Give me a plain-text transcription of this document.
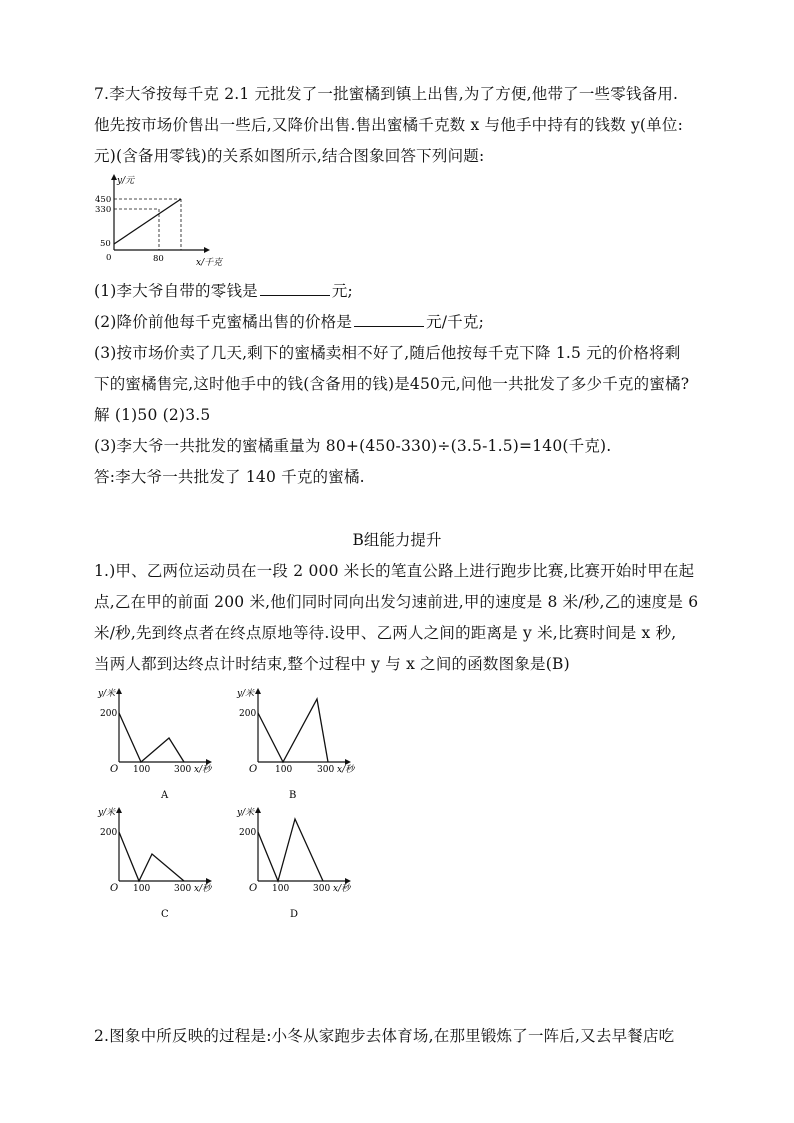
7.李大爷按每千克 2.1 元批发了一批蜜橘到镇上出售,为了方便,他带了一些零钱备用.
他先按市场价售出一些后,又降价出售.售出蜜橘千克数 x 与他手中持有的钱数 y(单位:
元)(含备用零钱)的关系如图所示,结合图象回答下列问题:
y/元
450
330
50
0	80	x/千克
(1)李大爷自带的零钱是	元;
(2)降价前他每千克蜜橘出售的价格是	元/千克;
(3)按市场价卖了几天,剩下的蜜橘卖相不好了,随后他按每千克下降 1.5 元的价格将剩
下的蜜橘售完,这时他手中的钱(含备用的钱)是450元,问他一共批发了多少千克的蜜橘?
解 (1)50 (2)3.5
(3)李大爷一共批发的蜜橘重量为 80+(450-330)÷(3.5-1.5)=140(千克).
答:李大爷一共批发了 140 千克的蜜橘.
B组能力提升
1.)甲、乙两位运动员在一段 2 000 米长的笔直公路上进行跑步比赛,比赛开始时甲在起
点,乙在甲的前面 200 米,他们同时同向出发匀速前进,甲的速度是 8 米/秒,乙的速度是 6
米/秒,先到终点者在终点原地等待.设甲、乙两人之间的距离是 y 米,比赛时间是 x 秒,
当两人都到达终点计时结束,整个过程中 y 与 x 之间的函数图象是(B)
y/米
200
O 100	300 x/秒
A
y/米
200
O 100	300 x/秒
B
y/米
200
O 100	300 x/秒
C
y/米
200
O 100	300 x/秒
D
2.图象中所反映的过程是:小冬从家跑步去体育场,在那里锻炼了一阵后,又去早餐店吃
